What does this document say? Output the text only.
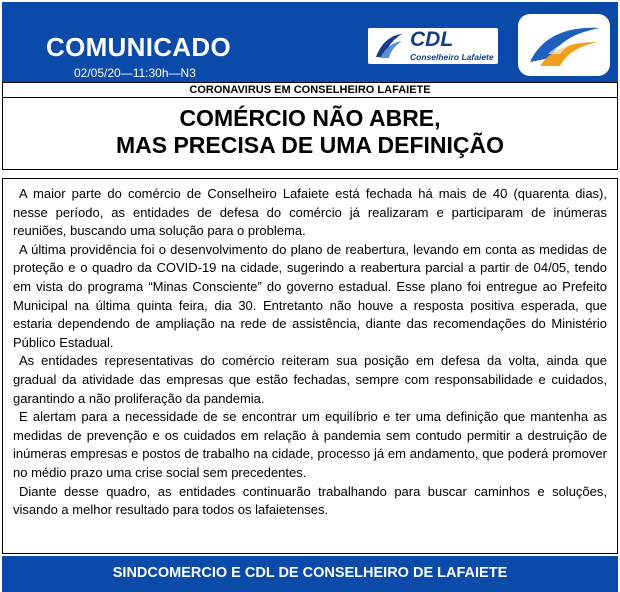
COMUNICADO
02/05/20—11:30h—N3
CDL
Conselheiro Lafaiete
CORONAVIRUS EM CONSELHEIRO LAFAIETE
COMÉRCIO NÃO ABRE,
MAS PRECISA DE UMA DEFINIÇÃO

A maior parte do comércio de Conselheiro Lafaiete está fechada há mais de 40 (quarenta dias), nesse período, as entidades de defesa do comércio já realizaram e participaram de inúmeras reuniões, buscando uma solução para o problema.

A última providência foi o desenvolvimento do plano de reabertura, levando em conta as medidas de proteção e o quadro da COVID-19 na cidade, sugerindo a reabertura parcial a partir de 04/05, tendo em vista do programa “Minas Consciente” do governo estadual. Esse plano foi entregue ao Prefeito Municipal na última quinta feira, dia 30. Entretanto não houve a resposta positiva esperada, que estaria dependendo de ampliação na rede de assistência, diante das recomendações do Ministério Público Estadual.

As entidades representativas do comércio reiteram sua posição em defesa da volta, ainda que gradual da atividade das empresas que estão fechadas, sempre com responsabilidade e cuidados, garantindo a não proliferação da pandemia.

E alertam para a necessidade de se encontrar um equilíbrio e ter uma definição que mantenha as medidas de prevenção e os cuidados em relação à pandemia sem contudo permitir a destruição de inúmeras empresas e postos de trabalho na cidade, processo já em andamento, que poderá promover no médio prazo uma crise social sem precedentes.

Diante desse quadro, as entidades continuarão trabalhando para buscar caminhos e soluções, visando a melhor resultado para todos os lafaietenses.

SINDCOMERCIO E CDL DE CONSELHEIRO DE LAFAIETE
